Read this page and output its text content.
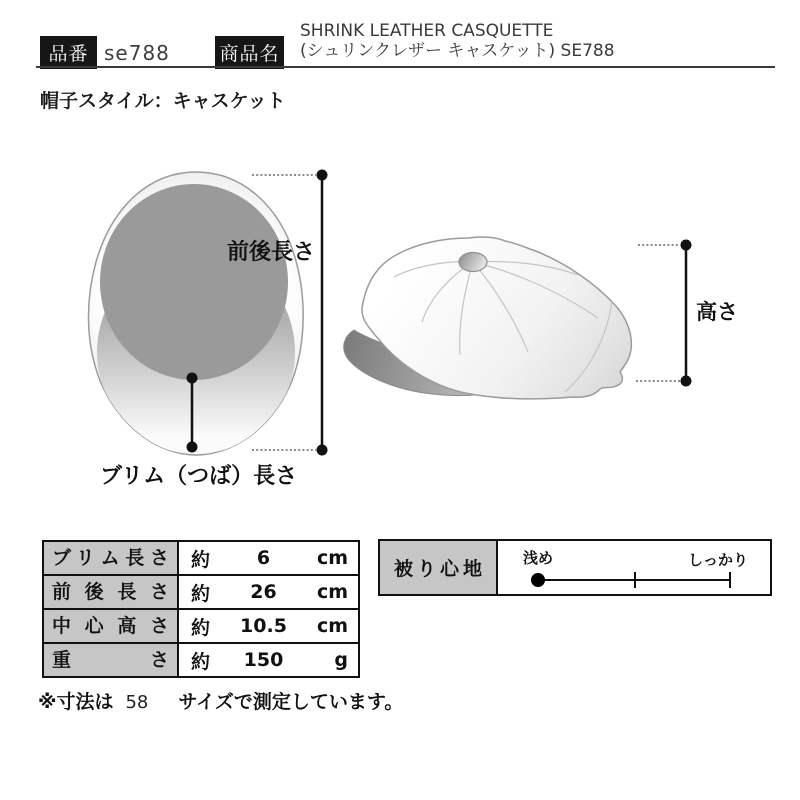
品番 se788	商品名
SHRINK LEATHER CASQUETTE
(シュリンクレザー キャスケット) SE788
帽子スタイル：キャスケット
前後長さ
ブリム（つば）長さ
高さ
ブリム長さ	約	6	cm
前後長さ	約	26	cm
中心高さ	約	10.5	cm
重さ	約	150	g
被り心地	浅め	しっかり
※寸法は 58 サイズで測定しています。
